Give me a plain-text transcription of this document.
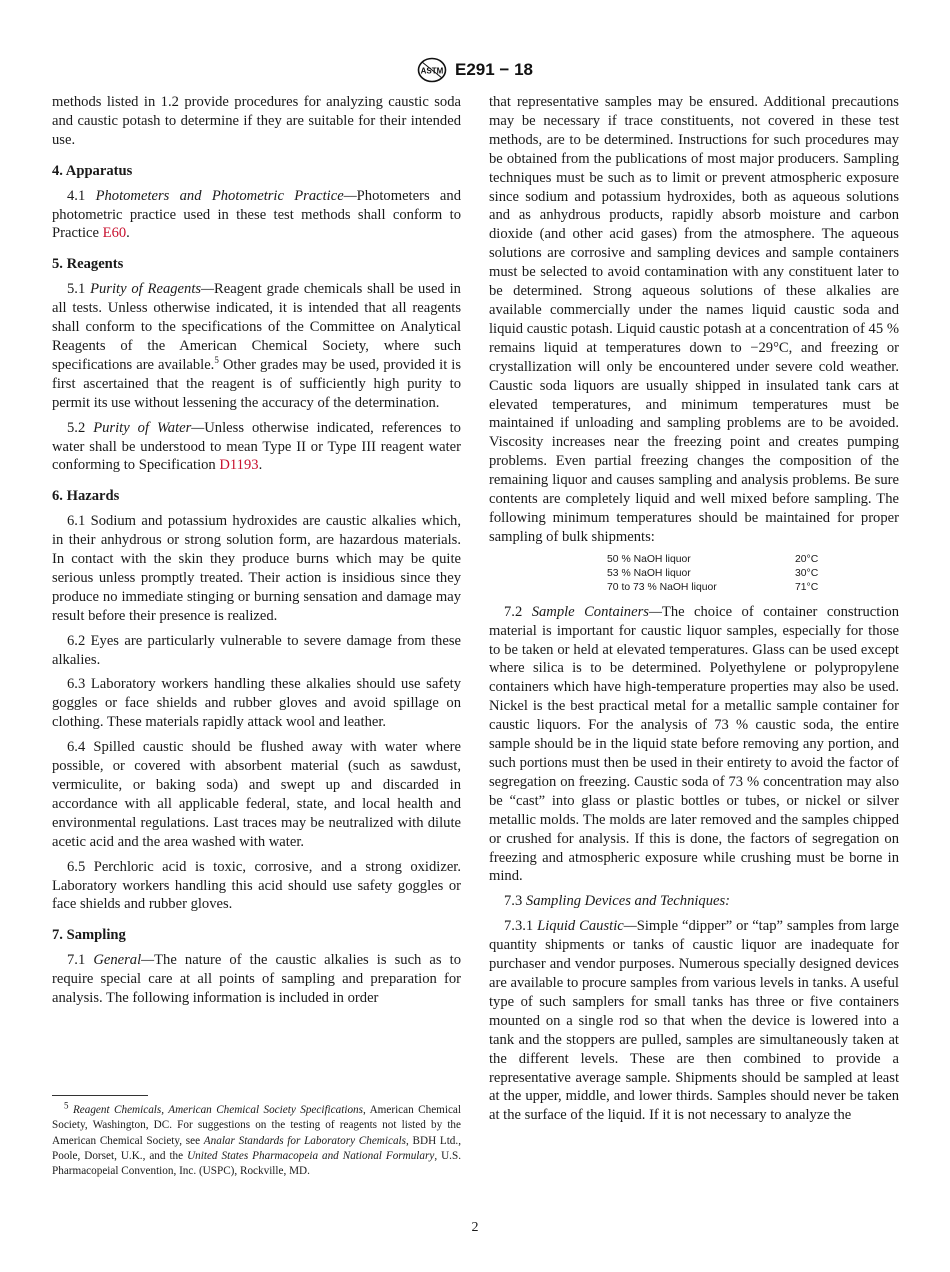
ASTM E291 − 18

methods listed in 1.2 provide procedures for analyzing caustic soda and caustic potash to determine if they are suitable for their intended use.

4. Apparatus

4.1 Photometers and Photometric Practice—Photometers and photometric practice used in these test methods shall conform to Practice E60.

5. Reagents

5.1 Purity of Reagents—Reagent grade chemicals shall be used in all tests. Unless otherwise indicated, it is intended that all reagents shall conform to the specifications of the Committee on Analytical Reagents of the American Chemical Society, where such specifications are available.$^5$ Other grades may be used, provided it is first ascertained that the reagent is of sufficiently high purity to permit its use without lessening the accuracy of the determination.

5.2 Purity of Water—Unless otherwise indicated, references to water shall be understood to mean Type II or Type III reagent water conforming to Specification D1193.

6. Hazards

6.1 Sodium and potassium hydroxides are caustic alkalies which, in their anhydrous or strong solution form, are hazardous materials. In contact with the skin they produce burns which may be quite serious unless promptly treated. Their action is insidious since they produce no immediate stinging or burning sensation and damage may result before their presence is realized.

6.2 Eyes are particularly vulnerable to severe damage from these alkalies.

6.3 Laboratory workers handling these alkalies should use safety goggles or face shields and rubber gloves and avoid spillage on clothing. These materials rapidly attack wool and leather.

6.4 Spilled caustic should be flushed away with water where possible, or covered with absorbent material (such as sawdust, vermiculite, or baking soda) and swept up and discarded in accordance with all applicable federal, state, and local health and environmental regulations. Last traces may be neutralized with dilute acetic acid and the area washed with water.

6.5 Perchloric acid is toxic, corrosive, and a strong oxidizer. Laboratory workers handling this acid should use safety goggles or face shields and rubber gloves.

7. Sampling

7.1 General—The nature of the caustic alkalies is such as to require special care at all points of sampling and preparation for analysis. The following information is included in order

that representative samples may be ensured. Additional precautions may be necessary if trace constituents, not covered in these test methods, are to be determined. Instructions for such procedures may be obtained from the publications of most major producers. Sampling techniques must be such as to limit or prevent atmospheric exposure since sodium and potassium hydroxides, both as aqueous solutions and as anhydrous products, rapidly absorb moisture and carbon dioxide (and other acid gases) from the atmosphere. The aqueous solutions are corrosive and sampling devices and sample containers must be selected to avoid contamination with any constituent later to be determined. Strong aqueous solutions of these alkalies are available commercially under the names liquid caustic soda and liquid caustic potash. Liquid caustic potash at a concentration of 45 % remains liquid at temperatures down to −29°C, and freezing or crystallization will only be encountered under severe cold weather. Caustic soda liquors are usually shipped in insulated tank cars at elevated temperatures, and minimum temperatures must be maintained if unloading and sampling problems are to be avoided. Viscosity increases near the freezing point and creates pumping problems. Even partial freezing changes the composition of the remaining liquor and causes sampling and analysis problems. Be sure contents are completely liquid and well mixed before sampling. The following minimum temperatures should be maintained for proper sampling of bulk shipments:

50 % NaOH liquor	20°C
53 % NaOH liquor	30°C
70 to 73 % NaOH liquor	71°C

7.2 Sample Containers—The choice of container construction material is important for caustic liquor samples, especially for those to be taken or held at elevated temperatures. Glass can be used except where silica is to be determined. Polyethylene or polypropylene containers which have high-temperature properties may also be used. Nickel is the best practical metal for a metallic sample container for caustic liquors. For the analysis of 73 % caustic soda, the entire sample should be in the liquid state before removing any portion, and such portions must then be used in their entirety to avoid the factor of segregation on freezing. Caustic soda of 73 % concentration may also be “cast” into glass or plastic bottles or tubes, or nickel or silver metallic molds. The molds are later removed and the samples chipped or crushed for analysis. If this is done, the factors of segregation on freezing and atmospheric exposure while crushing must be borne in mind.

7.3 Sampling Devices and Techniques:

7.3.1 Liquid Caustic—Simple “dipper” or “tap” samples from large quantity shipments or tanks of caustic liquor are inadequate for purchaser and vendor purposes. Numerous specially designed devices are available to procure samples from various levels in tanks. A useful type of such samplers for small tanks has three or five containers mounted on a single rod so that when the device is lowered into a tank and the stoppers are pulled, samples are simultaneously taken at the different levels. These are then combined to provide a representative average sample. Shipments should be sampled at least at the upper, middle, and lower thirds. Samples should never be taken at the surface of the liquid. If it is not necessary to analyze the

$^5$ Reagent Chemicals, American Chemical Society Specifications, American Chemical Society, Washington, DC. For suggestions on the testing of reagents not listed by the American Chemical Society, see Analar Standards for Laboratory Chemicals, BDH Ltd., Poole, Dorset, U.K., and the United States Pharmacopeia and National Formulary, U.S. Pharmacopeial Convention, Inc. (USPC), Rockville, MD.

2
